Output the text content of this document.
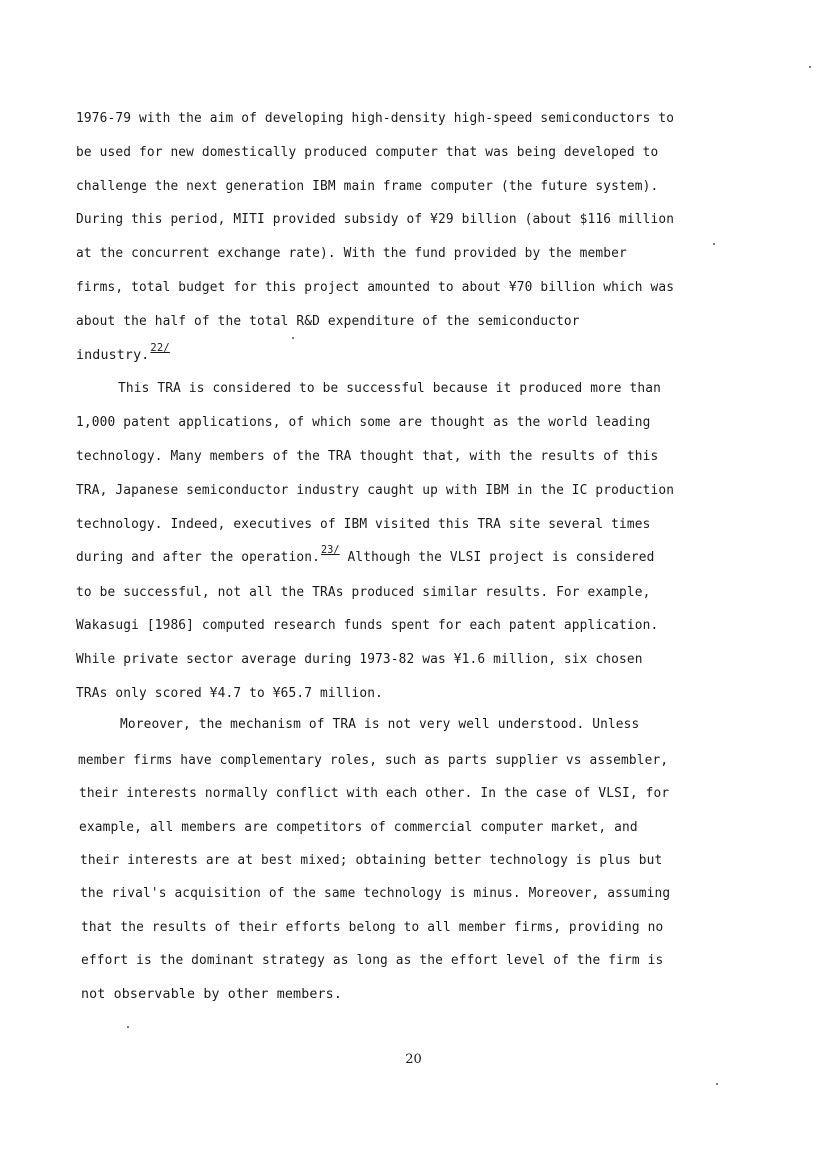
1976-79 with the aim of developing high-density high-speed semiconductors to
be used for new domestically produced computer that was being developed to
challenge the next generation IBM main frame computer (the future system).
During this period, MITI provided subsidy of ¥29 billion (about $116 million
at the concurrent exchange rate). With the fund provided by the member
firms, total budget for this project amounted to about ¥70 billion which was
about the half of the total R&D expenditure of the semiconductor
industry.$^{22/}$
This TRA is considered to be successful because it produced more than
1,000 patent applications, of which some are thought as the world leading
technology. Many members of the TRA thought that, with the results of this
TRA, Japanese semiconductor industry caught up with IBM in the IC production
technology. Indeed, executives of IBM visited this TRA site several times
during and after the operation.$^{23/}$ Although the VLSI project is considered
to be successful, not all the TRAs produced similar results. For example,
Wakasugi [1986] computed research funds spent for each patent application.
While private sector average during 1973-82 was ¥1.6 million, six chosen
TRAs only scored ¥4.7 to ¥65.7 million.
Moreover, the mechanism of TRA is not very well understood. Unless
member firms have complementary roles, such as parts supplier vs assembler,
their interests normally conflict with each other. In the case of VLSI, for
example, all members are competitors of commercial computer market, and
their interests are at best mixed; obtaining better technology is plus but
the rival's acquisition of the same technology is minus. Moreover, assuming
that the results of their efforts belong to all member firms, providing no
effort is the dominant strategy as long as the effort level of the firm is
not observable by other members.
20
